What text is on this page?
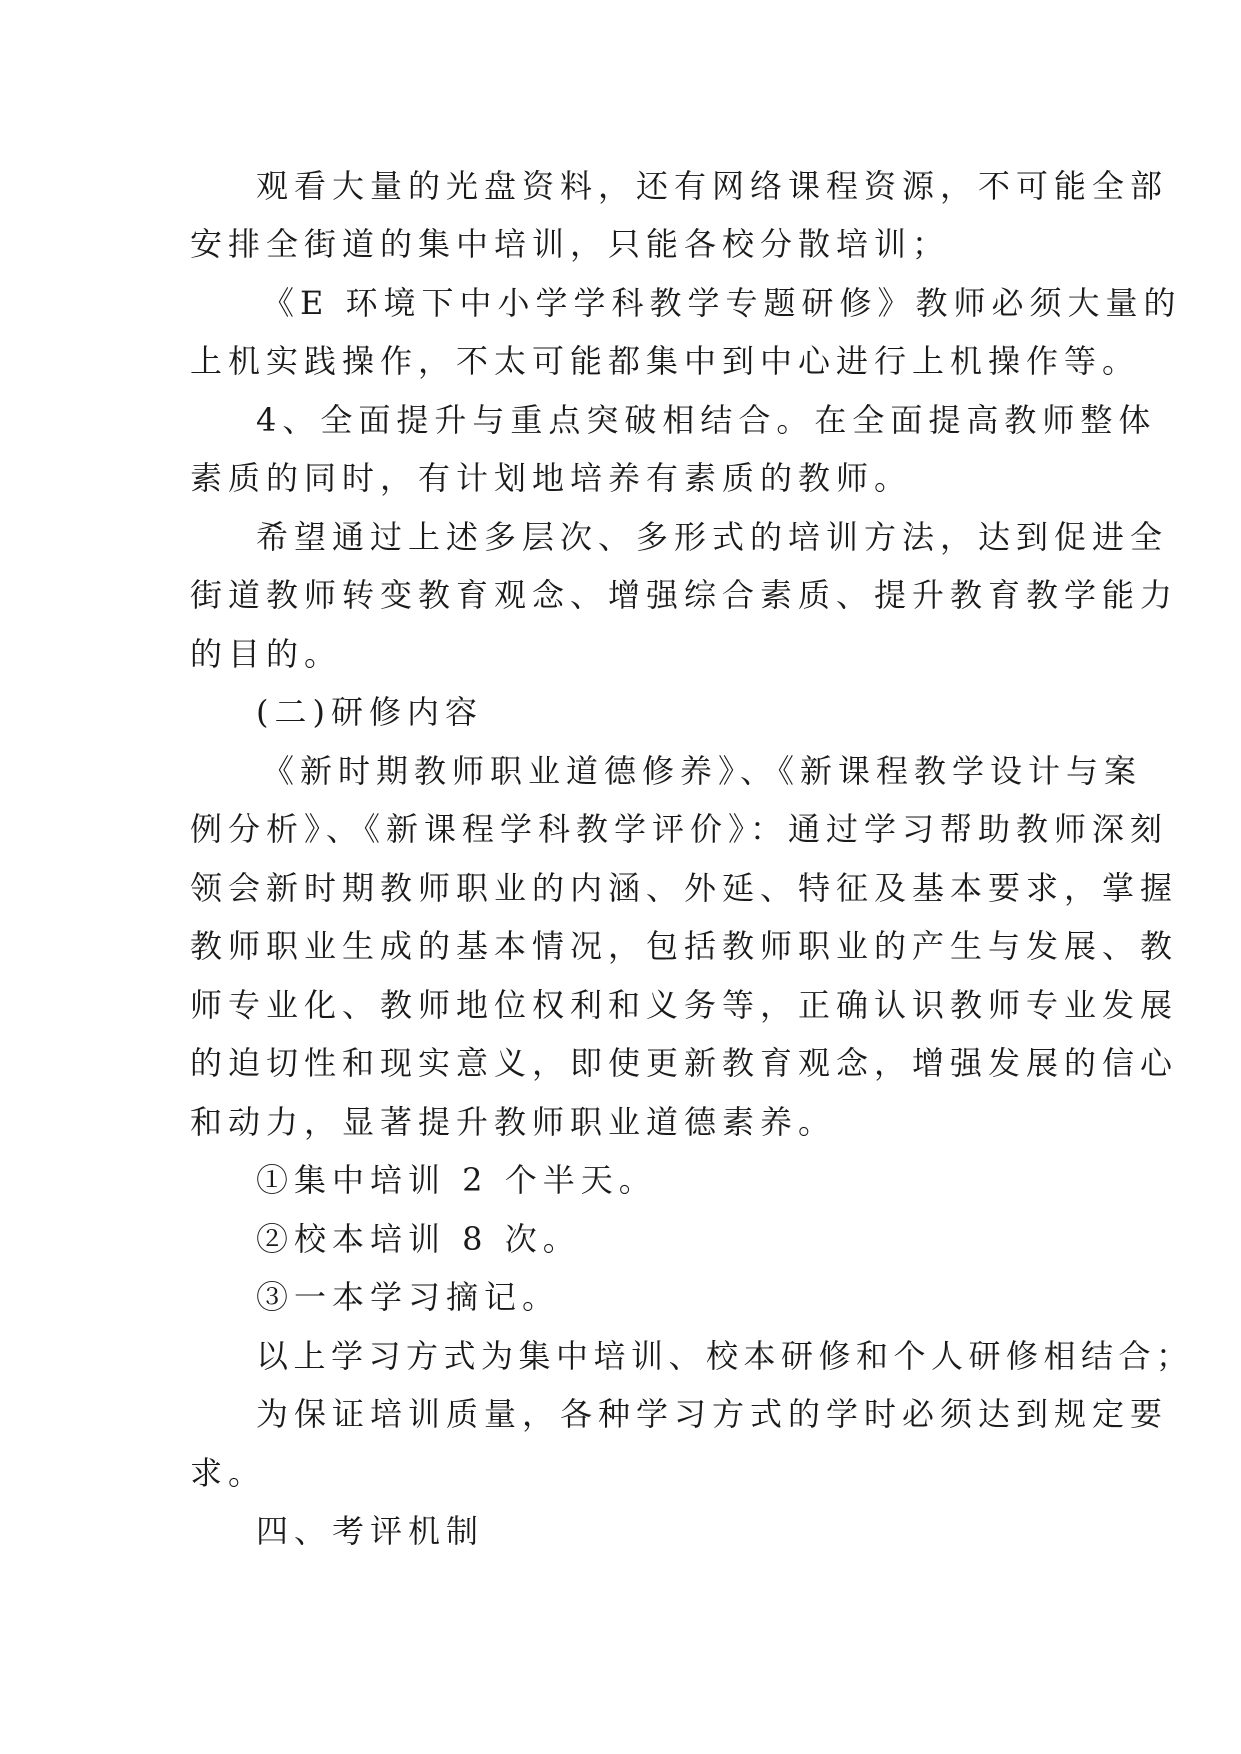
观看大量的光盘资料，还有网络课程资源，不可能全部
安排全街道的集中培训，只能各校分散培训；
《E 环境下中小学学科教学专题研修》教师必须大量的
上机实践操作，不太可能都集中到中心进行上机操作等。
4、全面提升与重点突破相结合。在全面提高教师整体
素质的同时，有计划地培养有素质的教师。
希望通过上述多层次、多形式的培训方法，达到促进全
街道教师转变教育观念、增强综合素质、提升教育教学能力
的目的。
(二)研修内容
《新时期教师职业道德修养》、《新课程教学设计与案
例分析》、《新课程学科教学评价》：通过学习帮助教师深刻
领会新时期教师职业的内涵、外延、特征及基本要求，掌握
教师职业生成的基本情况，包括教师职业的产生与发展、教
师专业化、教师地位权利和义务等，正确认识教师专业发展
的迫切性和现实意义，即使更新教育观念，增强发展的信心
和动力，显著提升教师职业道德素养。
①集中培训 2 个半天。
②校本培训 8 次。
③一本学习摘记。
以上学习方式为集中培训、校本研修和个人研修相结合；
为保证培训质量，各种学习方式的学时必须达到规定要
求。
四、考评机制
